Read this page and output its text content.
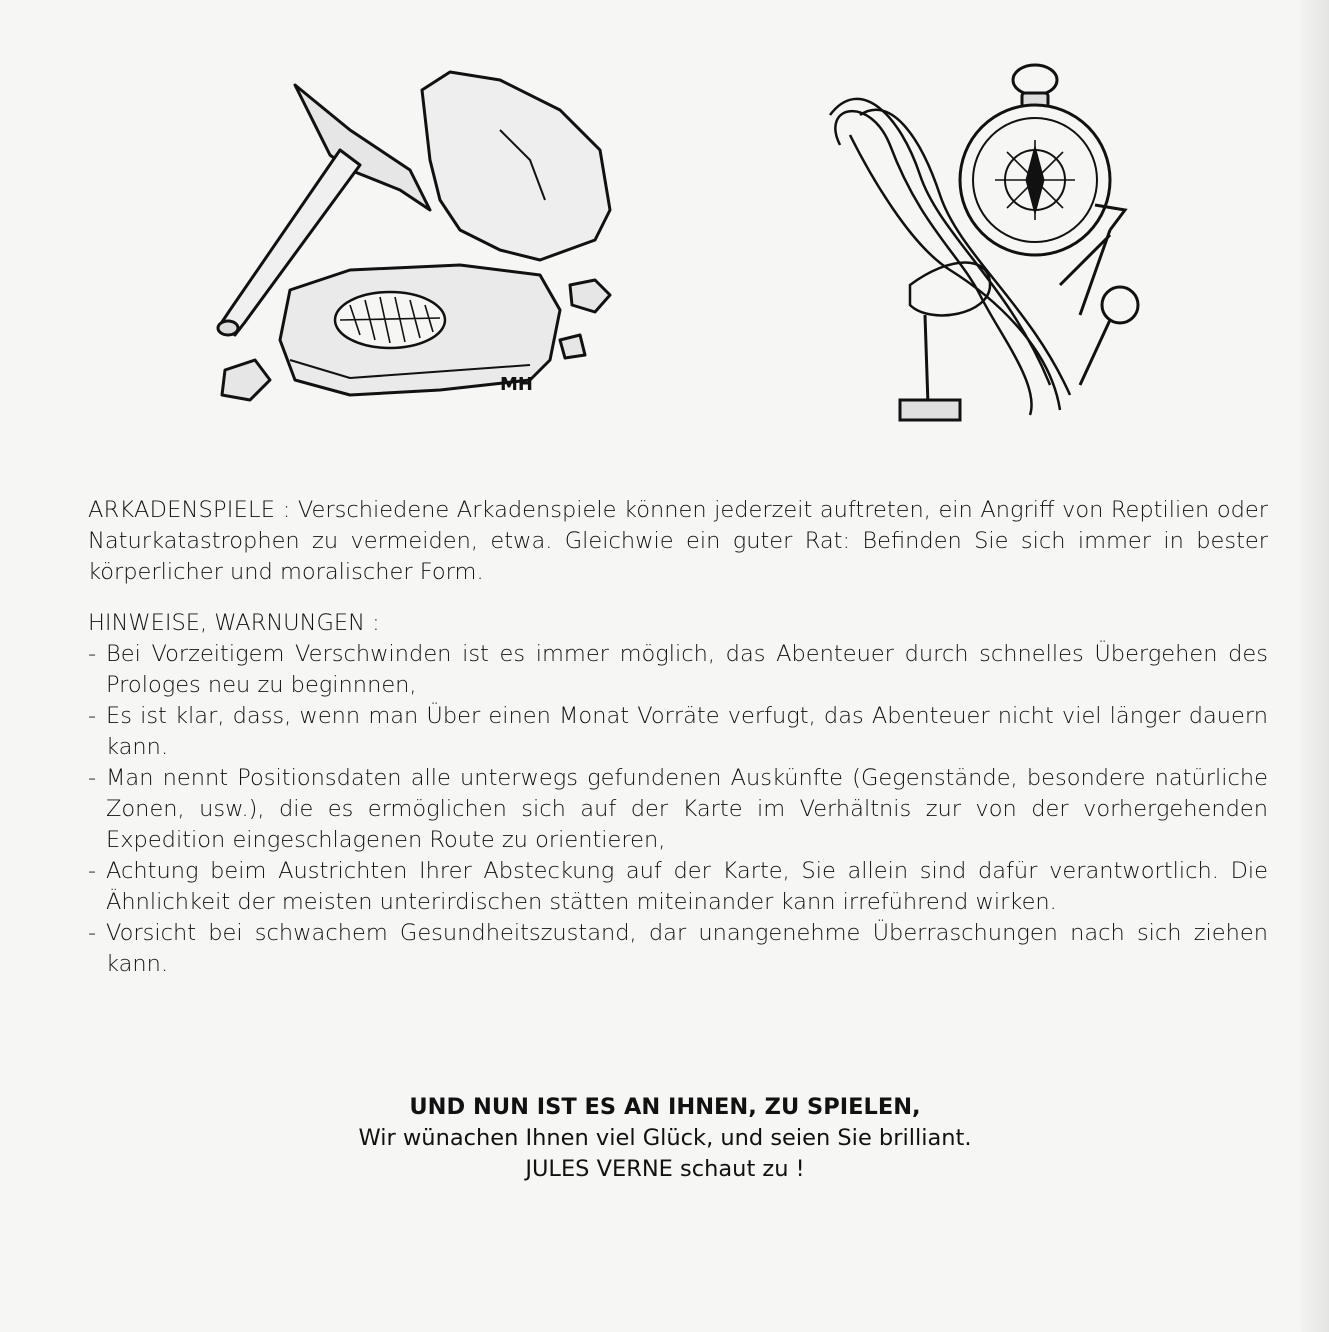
MH

ARKADENSPIELE : Verschiedene Arkadenspiele können jederzeit auftreten, ein Angriff von Reptilien oder Naturkatastrophen zu vermeiden, etwa. Gleichwie ein guter Rat: Befinden Sie sich immer in bester körperlicher und moralischer Form.

HINWEISE, WARNUNGEN :

- Bei Vorzeitigem Verschwinden ist es immer möglich, das Abenteuer durch schnelles Übergehen des Prologes neu zu beginnnen,
- Es ist klar, dass, wenn man Über einen Monat Vorräte verfugt, das Abenteuer nicht viel länger dauern kann.
- Man nennt Positionsdaten alle unterwegs gefundenen Auskünfte (Gegenstände, besondere natürliche Zonen, usw.), die es ermöglichen sich auf der Karte im Verhältnis zur von der vorhergehenden Expedition eingeschlagenen Route zu orientieren,
- Achtung beim Austrichten Ihrer Absteckung auf der Karte, Sie allein sind dafür verantwortlich. Die Ähnlichkeit der meisten unterirdischen stätten miteinander kann irreführend wirken.
- Vorsicht bei schwachem Gesundheitszustand, dar unangenehme Überraschungen nach sich ziehen kann.
UND NUN IST ES AN IHNEN, ZU SPIELEN,
Wir wünachen Ihnen viel Glück, und seien Sie brilliant.
JULES VERNE schaut zu !
